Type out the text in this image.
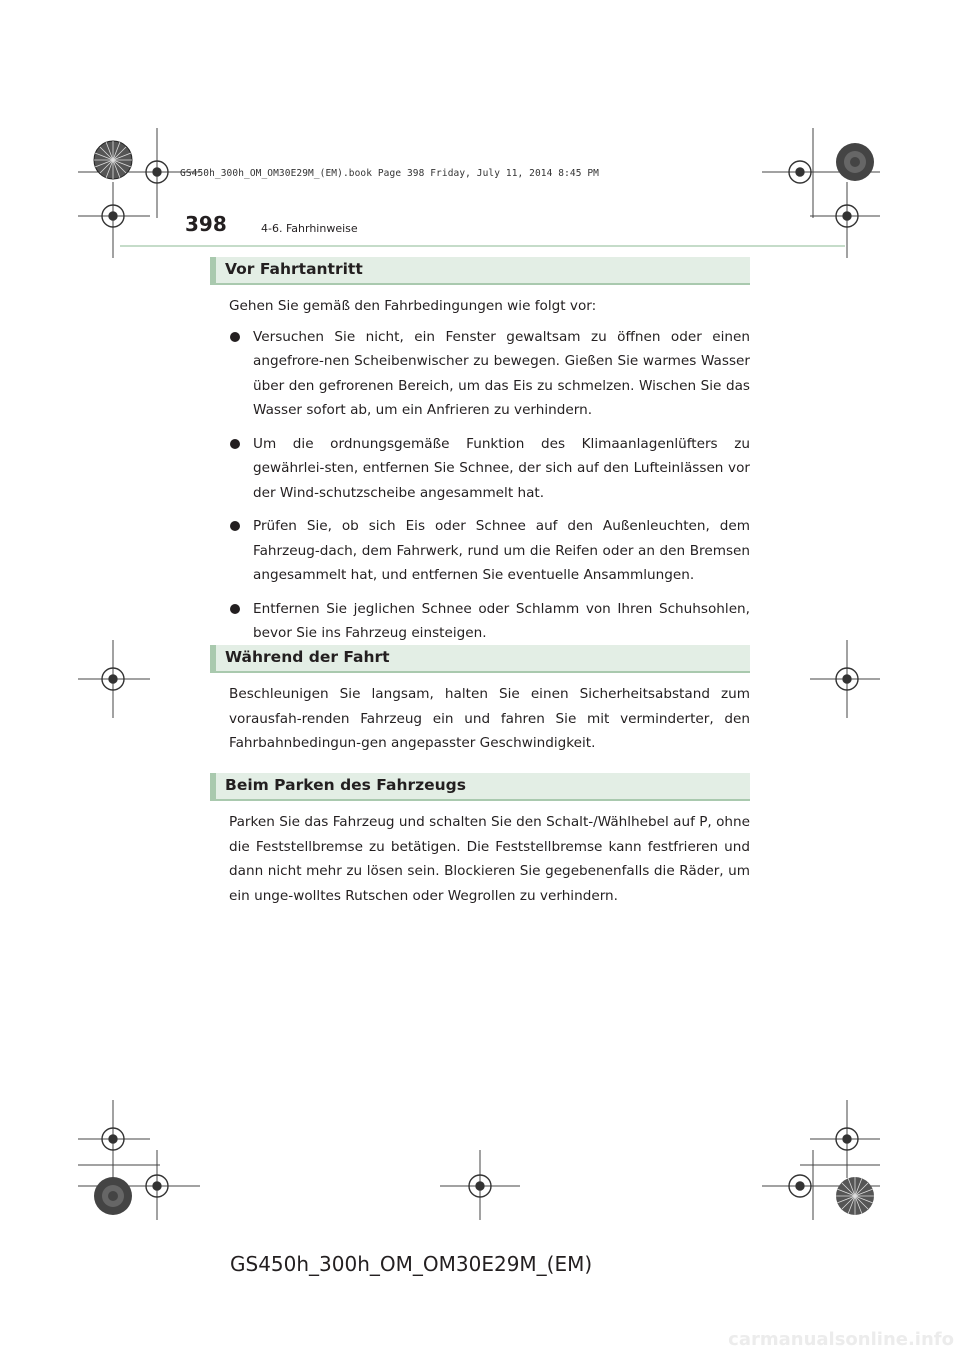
GS450h_300h_OM_OM30E29M_(EM).book Page 398 Friday, July 11, 2014 8:45 PM
398	4-6. Fahrhinweise
Vor Fahrtantritt

Gehen Sie gemäß den Fahrbedingungen wie folgt vor:

Versuchen Sie nicht, ein Fenster gewaltsam zu öffnen oder einen angefrore-nen Scheibenwischer zu bewegen. Gießen Sie warmes Wasser über den gefrorenen Bereich, um das Eis zu schmelzen. Wischen Sie das Wasser sofort ab, um ein Anfrieren zu verhindern.
Um die ordnungsgemäße Funktion des Klimaanlagenlüfters zu gewährlei-sten, entfernen Sie Schnee, der sich auf den Lufteinlässen vor der Wind-schutzscheibe angesammelt hat.
Prüfen Sie, ob sich Eis oder Schnee auf den Außenleuchten, dem Fahrzeug-dach, dem Fahrwerk, rund um die Reifen oder an den Bremsen angesammelt hat, und entfernen Sie eventuelle Ansammlungen.
Entfernen Sie jeglichen Schnee oder Schlamm von Ihren Schuhsohlen, bevor Sie ins Fahrzeug einsteigen.
Während der Fahrt

Beschleunigen Sie langsam, halten Sie einen Sicherheitsabstand zum vorausfah-renden Fahrzeug ein und fahren Sie mit verminderter, den Fahrbahnbedingun-gen angepasster Geschwindigkeit.

Beim Parken des Fahrzeugs

Parken Sie das Fahrzeug und schalten Sie den Schalt-/Wählhebel auf P, ohne die Feststellbremse zu betätigen. Die Feststellbremse kann festfrieren und dann nicht mehr zu lösen sein. Blockieren Sie gegebenenfalls die Räder, um ein unge-wolltes Rutschen oder Wegrollen zu verhindern.

GS450h_300h_OM_OM30E29M_(EM)
carmanualsonline.info
